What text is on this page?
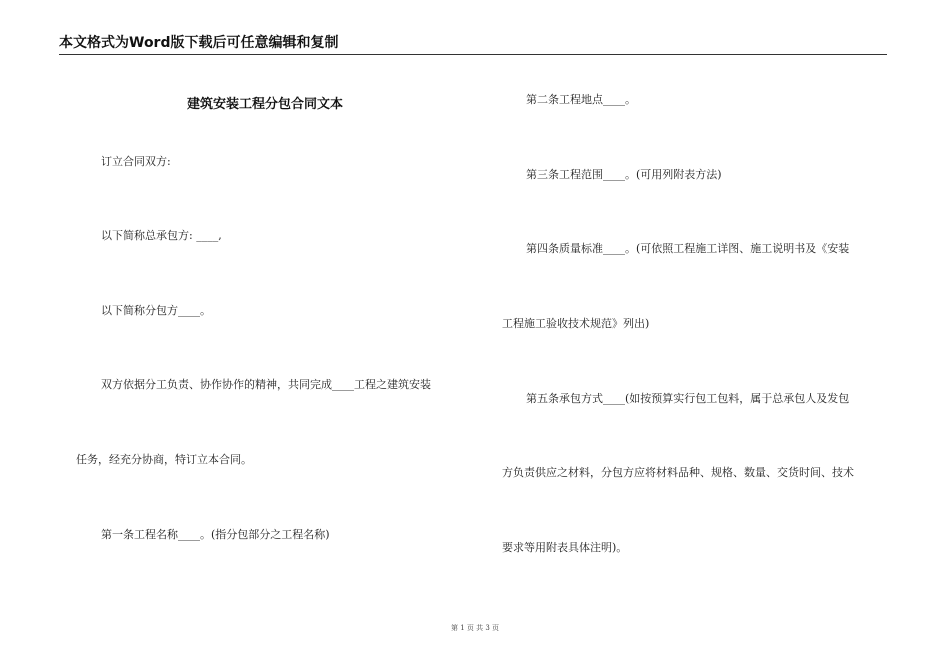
本文格式为Word版下载后可任意编辑和复制
建筑安装工程分包合同文本
订立合同双方:
以下简称总承包方: ____,
以下简称分包方____。
双方依据分工负责、协作协作的精神，共同完成____工程之建筑安装
任务，经充分协商，特订立本合同。
第一条工程名称____。(指分包部分之工程名称)
第二条工程地点____。
第三条工程范围____。(可用列附表方法)
第四条质量标准____。(可依照工程施工详图、施工说明书及《安装
工程施工验收技术规范》列出)
第五条承包方式____(如按预算实行包工包料，属于总承包人及发包
方负责供应之材料，分包方应将材料品种、规格、数量、交货时间、技术
要求等用附表具体注明)。
第 1 页 共 3 页
